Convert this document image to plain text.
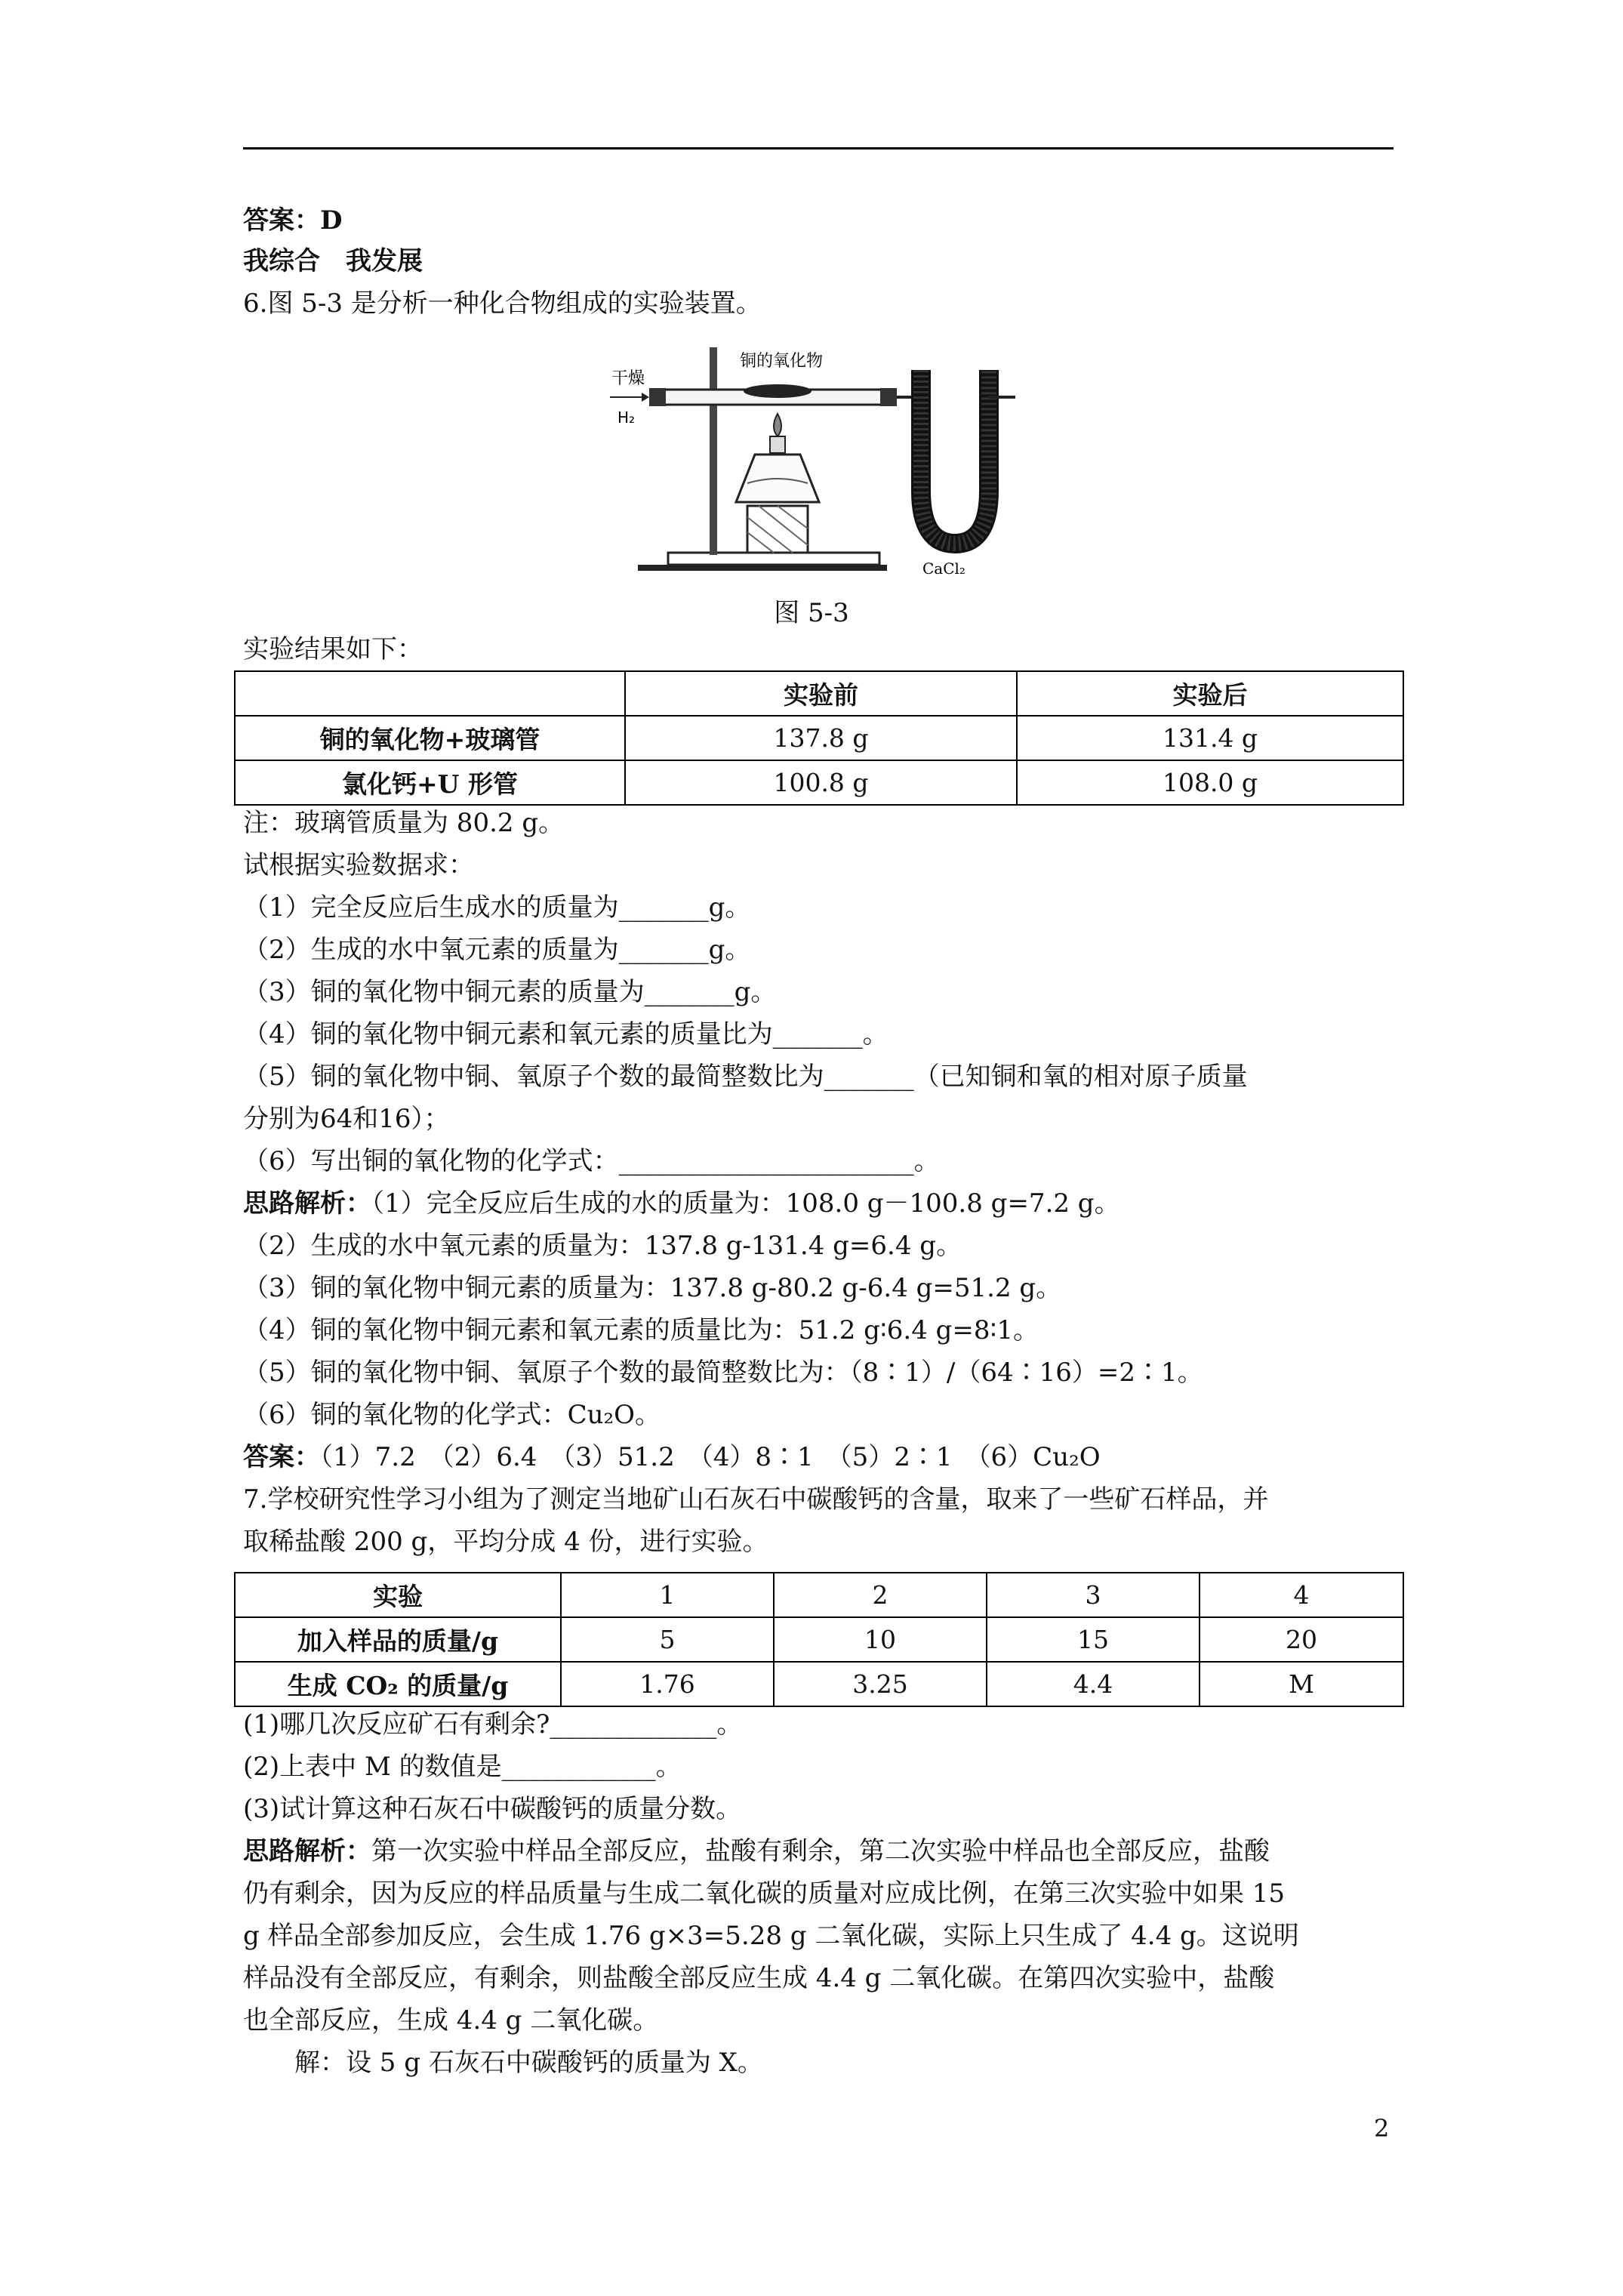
答案：D
我综合　我发展
6.图 5-3 是分析一种化合物组成的实验装置。
干燥
H₂
铜的氧化物
CaCl₂
图 5-3
实验结果如下：
	实验前	实验后
铜的氧化物+玻璃管	137.8 g	131.4 g
氯化钙+U 形管	100.8 g	108.0 g
注：玻璃管质量为 80.2 g。
试根据实验数据求：
（1）完全反应后生成水的质量为_______g。
（2）生成的水中氧元素的质量为_______g。
（3）铜的氧化物中铜元素的质量为_______g。
（4）铜的氧化物中铜元素和氧元素的质量比为_______。
（5）铜的氧化物中铜、氧原子个数的最简整数比为_______（已知铜和氧的相对原子质量
分别为64和16）；
（6）写出铜的氧化物的化学式：_______________________。
思路解析：（1）完全反应后生成的水的质量为：108.0 g－100.8 g=7.2 g。
（2）生成的水中氧元素的质量为：137.8 g-131.4 g=6.4 g。
（3）铜的氧化物中铜元素的质量为：137.8 g-80.2 g-6.4 g=51.2 g。
（4）铜的氧化物中铜元素和氧元素的质量比为：51.2 g∶6.4 g=8∶1。
（5）铜的氧化物中铜、氧原子个数的最简整数比为：（8∶1）/（64∶16）=2∶1。
（6）铜的氧化物的化学式：Cu₂O。
答案：（1）7.2　（2）6.4　（3）51.2　（4）8∶1　（5）2∶1　（6）Cu₂O
7.学校研究性学习小组为了测定当地矿山石灰石中碳酸钙的含量，取来了一些矿石样品，并
取稀盐酸 200 g，平均分成 4 份，进行实验。
实验	1	2	3	4
加入样品的质量/g	5	10	15	20
生成 CO₂ 的质量/g	1.76	3.25	4.4	M
(1)哪几次反应矿石有剩余?_____________。
(2)上表中 M 的数值是____________。
(3)试计算这种石灰石中碳酸钙的质量分数。
思路解析：第一次实验中样品全部反应，盐酸有剩余，第二次实验中样品也全部反应，盐酸
仍有剩余，因为反应的样品质量与生成二氧化碳的质量对应成比例，在第三次实验中如果 15
g 样品全部参加反应，会生成 1.76 g×3=5.28 g 二氧化碳，实际上只生成了 4.4 g。这说明
样品没有全部反应，有剩余，则盐酸全部反应生成 4.4 g 二氧化碳。在第四次实验中，盐酸
也全部反应，生成 4.4 g 二氧化碳。
解：设 5 g 石灰石中碳酸钙的质量为 X。
2
